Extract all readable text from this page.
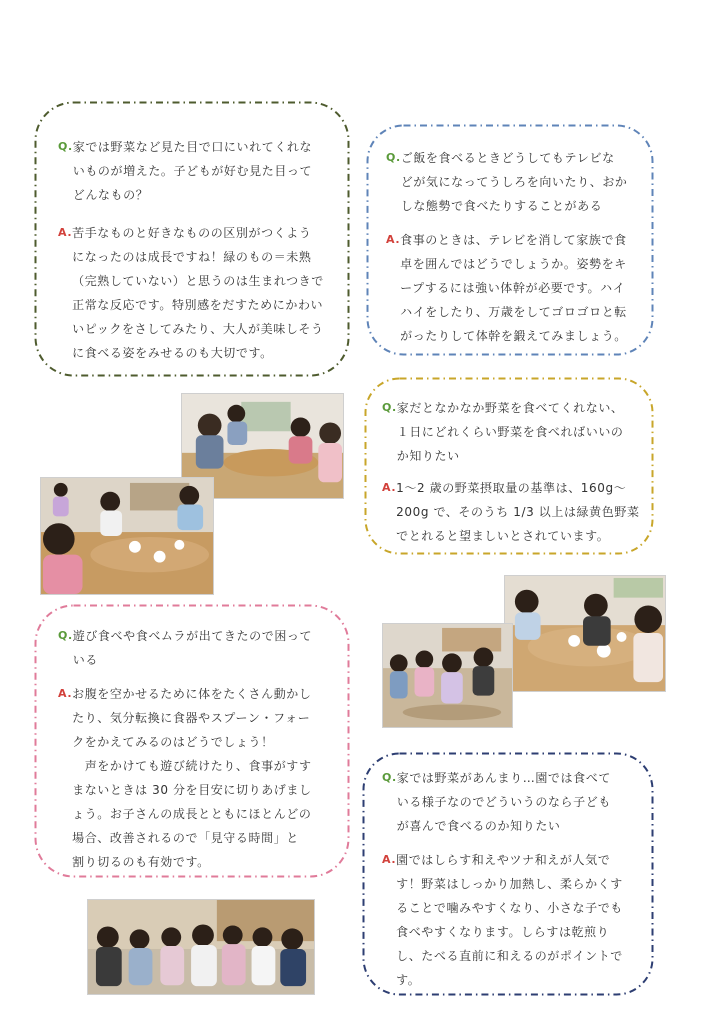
Q. 家では野菜など見た目で口にいれてくれな
いものが増えた。子どもが好む見た目って
どんなもの？
A. 苦手なものと好きなものの区別がつくよう
になったのは成長ですね！緑のもの＝未熟
（完熟していない）と思うのは生まれつきで
正常な反応です。特別感をだすためにかわい
いピックをさしてみたり、大人が美味しそう
に食べる姿をみせるのも大切です。
Q. ご飯を食べるときどうしてもテレビな
どが気になってうしろを向いたり、おか
しな態勢で食べたりすることがある
A. 食事のときは、テレビを消して家族で食
卓を囲んではどうでしょうか。姿勢をキ
ープするには強い体幹が必要です。ハイ
ハイをしたり、万歳をしてゴロゴロと転
がったりして体幹を鍛えてみましょう。
Q. 家だとなかなか野菜を食べてくれない、
１日にどれくらい野菜を食べればいいの
か知りたい
A. 1～2 歳の野菜摂取量の基準は、160g～
200g で、そのうち 1/3 以上は緑黄色野菜
でとれると望ましいとされています。
Q. 遊び食べや食べムラが出てきたので困って
いる
A. お腹を空かせるために体をたくさん動かし
たり、気分転換に食器やスプーン・フォー
クをかえてみるのはどうでしょう！
　声をかけても遊び続けたり、食事がすす
まないときは 30 分を目安に切りあげまし
ょう。お子さんの成長とともにほとんどの
場合、改善されるので「見守る時間」と
割り切るのも有効です。
Q. 家では野菜があんまり…園では食べて
いる様子なのでどういうのなら子ども
が喜んで食べるのか知りたい
A. 園ではしらす和えやツナ和えが人気で
す！野菜はしっかり加熱し、柔らかくす
ることで噛みやすくなり、小さな子でも
食べやすくなります。しらすは乾煎り
し、たべる直前に和えるのがポイントで
す。
